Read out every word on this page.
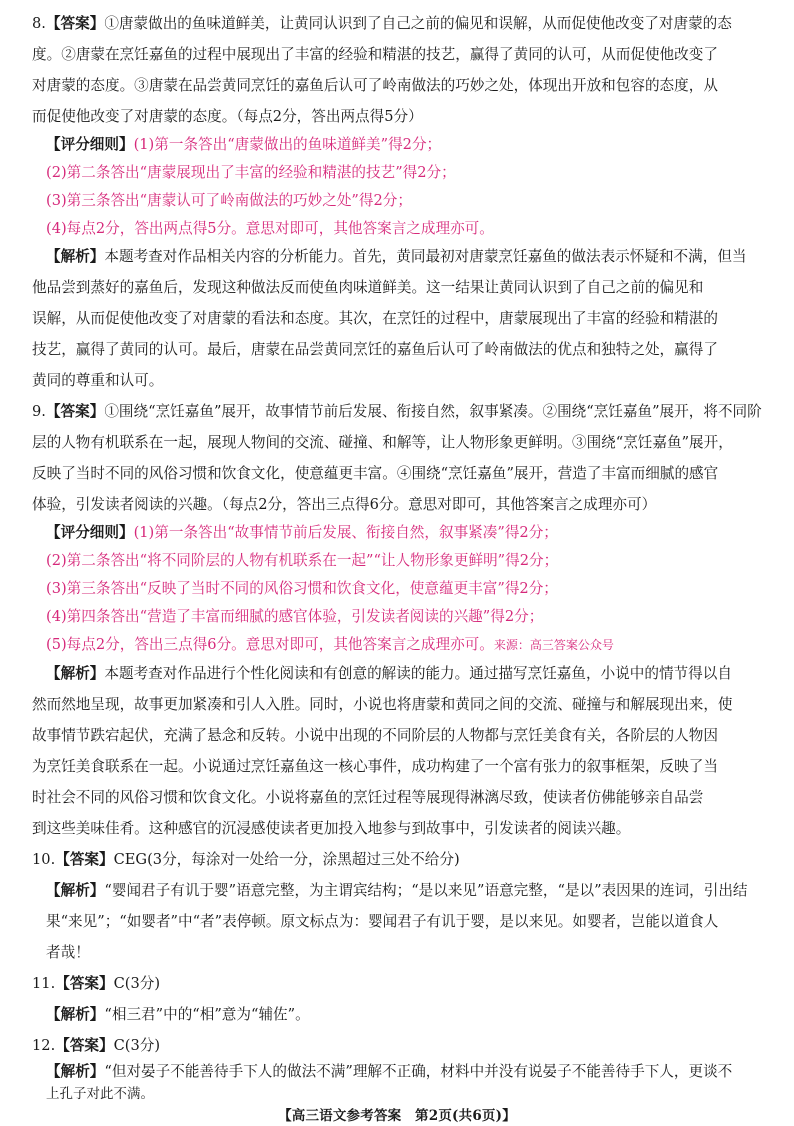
8.【答案】①唐蒙做出的鱼味道鲜美，让黄同认识到了自己之前的偏见和误解，从而促使他改变了对唐蒙的态
度。②唐蒙在烹饪嘉鱼的过程中展现出了丰富的经验和精湛的技艺，赢得了黄同的认可，从而促使他改变了
对唐蒙的态度。③唐蒙在品尝黄同烹饪的嘉鱼后认可了岭南做法的巧妙之处，体现出开放和包容的态度，从
而促使他改变了对唐蒙的态度。（每点2分，答出两点得5分）
【评分细则】(1)第一条答出“唐蒙做出的鱼味道鲜美”得2分；
(2)第二条答出“唐蒙展现出了丰富的经验和精湛的技艺”得2分；
(3)第三条答出“唐蒙认可了岭南做法的巧妙之处”得2分；
(4)每点2分，答出两点得5分。意思对即可，其他答案言之成理亦可。
【解析】本题考查对作品相关内容的分析能力。首先，黄同最初对唐蒙烹饪嘉鱼的做法表示怀疑和不满，但当
他品尝到蒸好的嘉鱼后，发现这种做法反而使鱼肉味道鲜美。这一结果让黄同认识到了自己之前的偏见和
误解，从而促使他改变了对唐蒙的看法和态度。其次，在烹饪的过程中，唐蒙展现出了丰富的经验和精湛的
技艺，赢得了黄同的认可。最后，唐蒙在品尝黄同烹饪的嘉鱼后认可了岭南做法的优点和独特之处，赢得了
黄同的尊重和认可。
9.【答案】①围绕“烹饪嘉鱼”展开，故事情节前后发展、衔接自然，叙事紧凑。②围绕“烹饪嘉鱼”展开，将不同阶
层的人物有机联系在一起，展现人物间的交流、碰撞、和解等，让人物形象更鲜明。③围绕“烹饪嘉鱼”展开，
反映了当时不同的风俗习惯和饮食文化，使意蕴更丰富。④围绕“烹饪嘉鱼”展开，营造了丰富而细腻的感官
体验，引发读者阅读的兴趣。（每点2分，答出三点得6分。意思对即可，其他答案言之成理亦可）
【评分细则】(1)第一条答出“故事情节前后发展、衔接自然，叙事紧凑”得2分；
(2)第二条答出“将不同阶层的人物有机联系在一起”“让人物形象更鲜明”得2分；
(3)第三条答出“反映了当时不同的风俗习惯和饮食文化，使意蕴更丰富”得2分；
(4)第四条答出“营造了丰富而细腻的感官体验，引发读者阅读的兴趣”得2分；
(5)每点2分，答出三点得6分。意思对即可，其他答案言之成理亦可。来源：高三答案公众号
【解析】本题考查对作品进行个性化阅读和有创意的解读的能力。通过描写烹饪嘉鱼，小说中的情节得以自
然而然地呈现，故事更加紧凑和引人入胜。同时，小说也将唐蒙和黄同之间的交流、碰撞与和解展现出来，使
故事情节跌宕起伏，充满了悬念和反转。小说中出现的不同阶层的人物都与烹饪美食有关，各阶层的人物因
为烹饪美食联系在一起。小说通过烹饪嘉鱼这一核心事件，成功构建了一个富有张力的叙事框架，反映了当
时社会不同的风俗习惯和饮食文化。小说将嘉鱼的烹饪过程等展现得淋漓尽致，使读者仿佛能够亲自品尝
到这些美味佳肴。这种感官的沉浸感使读者更加投入地参与到故事中，引发读者的阅读兴趣。
10.【答案】CEG(3分，每涂对一处给一分，涂黑超过三处不给分)
【解析】“婴闻君子有讥于婴”语意完整，为主谓宾结构；“是以来见”语意完整，“是以”表因果的连词，引出结
果“来见”；“如婴者”中“者”表停顿。原文标点为：婴闻君子有讥于婴，是以来见。如婴者，岂能以道食人
者哉！
11.【答案】C(3分)
【解析】“相三君”中的“相”意为“辅佐”。
12.【答案】C(3分)
【解析】“但对晏子不能善待手下人的做法不满”理解不正确，材料中并没有说晏子不能善待手下人，更谈不
上孔子对此不满。
【高三语文参考答案　第2页(共6页)】
